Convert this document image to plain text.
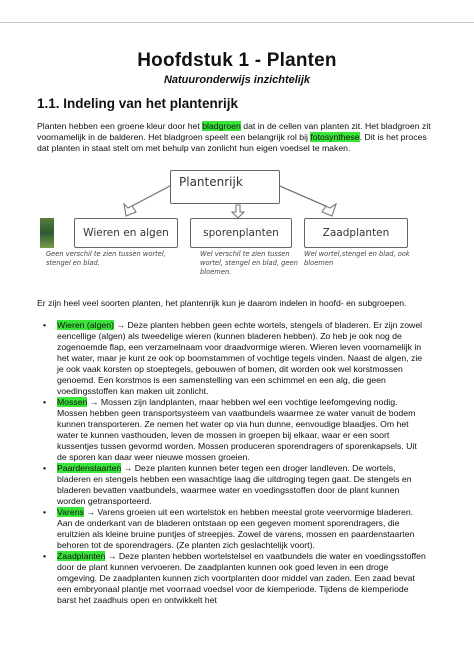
Hoofdstuk 1 - Planten
Natuuronderwijs inzichtelijk
1.1. Indeling van het plantenrijk
Planten hebben een groene kleur door het bladgroen dat in de cellen van planten zit. Het bladgroen zit voornamelijk in de balderen. Het bladgroen speelt een belangrijk rol bij fotosynthese. Dit is het proces dat planten in staat stelt om met behulp van zonlicht hun eigen voedsel te maken.
Plantenrijk
Wieren en algen	sporenplanten	Zaadplanten
Geen verschil te zien tussen wortel, stengel en blad.
Wel verschil te zien tussen wortel, stengel en blad, geen bloemen.
Wel wortel,stengel en blad, ook bloemen
Er zijn heel veel soorten planten, het plantenrijk kun je daarom indelen in hoofd- en subgroepen.
• Wieren (algen) → Deze planten hebben geen echte wortels, stengels of bladeren. Er zijn zowel eencellige (algen) als tweedelige wieren (kunnen bladeren hebben). Zo heb je ook nog de zogenoemde flap, een verzamelnaam voor draadvormige wieren. Wieren leven voornamelijk in het water, maar je kunt ze ook op boomstammen of vochtige tegels vinden. Naast de algen, zie je ook vaak korsten op stoeptegels, gebouwen of bomen, dit worden ook wel korstmossen genoemd. Een korstmos is een samenstelling van een schimmel en een alg, die geen voedingsstoffen kan maken uit zonlicht.
• Mossen → Mossen zijn landplanten, maar hebben wel een vochtige leefomgeving nodig. Mossen hebben geen transportsysteem van vaatbundels waarmee ze water vanuit de bodem kunnen transporteren. Ze nemen het water op via hun dunne, eenvoudige blaadjes. Om het water te kunnen vasthouden, leven de mossen in groepen bij elkaar, waar er een soort kussentjes tussen gevormd worden. Mossen produceren sporendragers of sporenkapsels. Uit de sporen kan daar weer nieuwe mossen groeien.
• Paardenstaarten → Deze planten kunnen beter tegen een droger landleven. De wortels, bladeren en stengels hebben een wasachtige laag die uitdroging tegen gaat. De stengels en bladeren bevatten vaatbundels, waarmee water en voedingsstoffen door de plant kunnen worden getransporteerd.
• Varens → Varens groeien uit een wortelstok en hebben meestal grote veervormige bladeren. Aan de onderkant van de bladeren ontstaan op een gegeven moment sporendragers, die eruitzien als kleine bruine puntjes of streepjes. Zowel de varens, mossen en paardenstaarten behoren tot de sporendragers. (Ze planten zich geslachtelijk voort).
• Zaadplanten → Deze planten hebben wortelstelsel en vaatbundels die water en voedingsstoffen door de plant kunnen vervoeren. De zaadplanten kunnen ook goed leven in een droge omgeving. De zaadplanten kunnen zich voortplanten door middel van zaden. Een zaad bevat een embryonaal plantje met voorraad voedsel voor de kiemperiode. Tijdens de kiemperiode barst het zaadhuis open en ontwikkelt het
